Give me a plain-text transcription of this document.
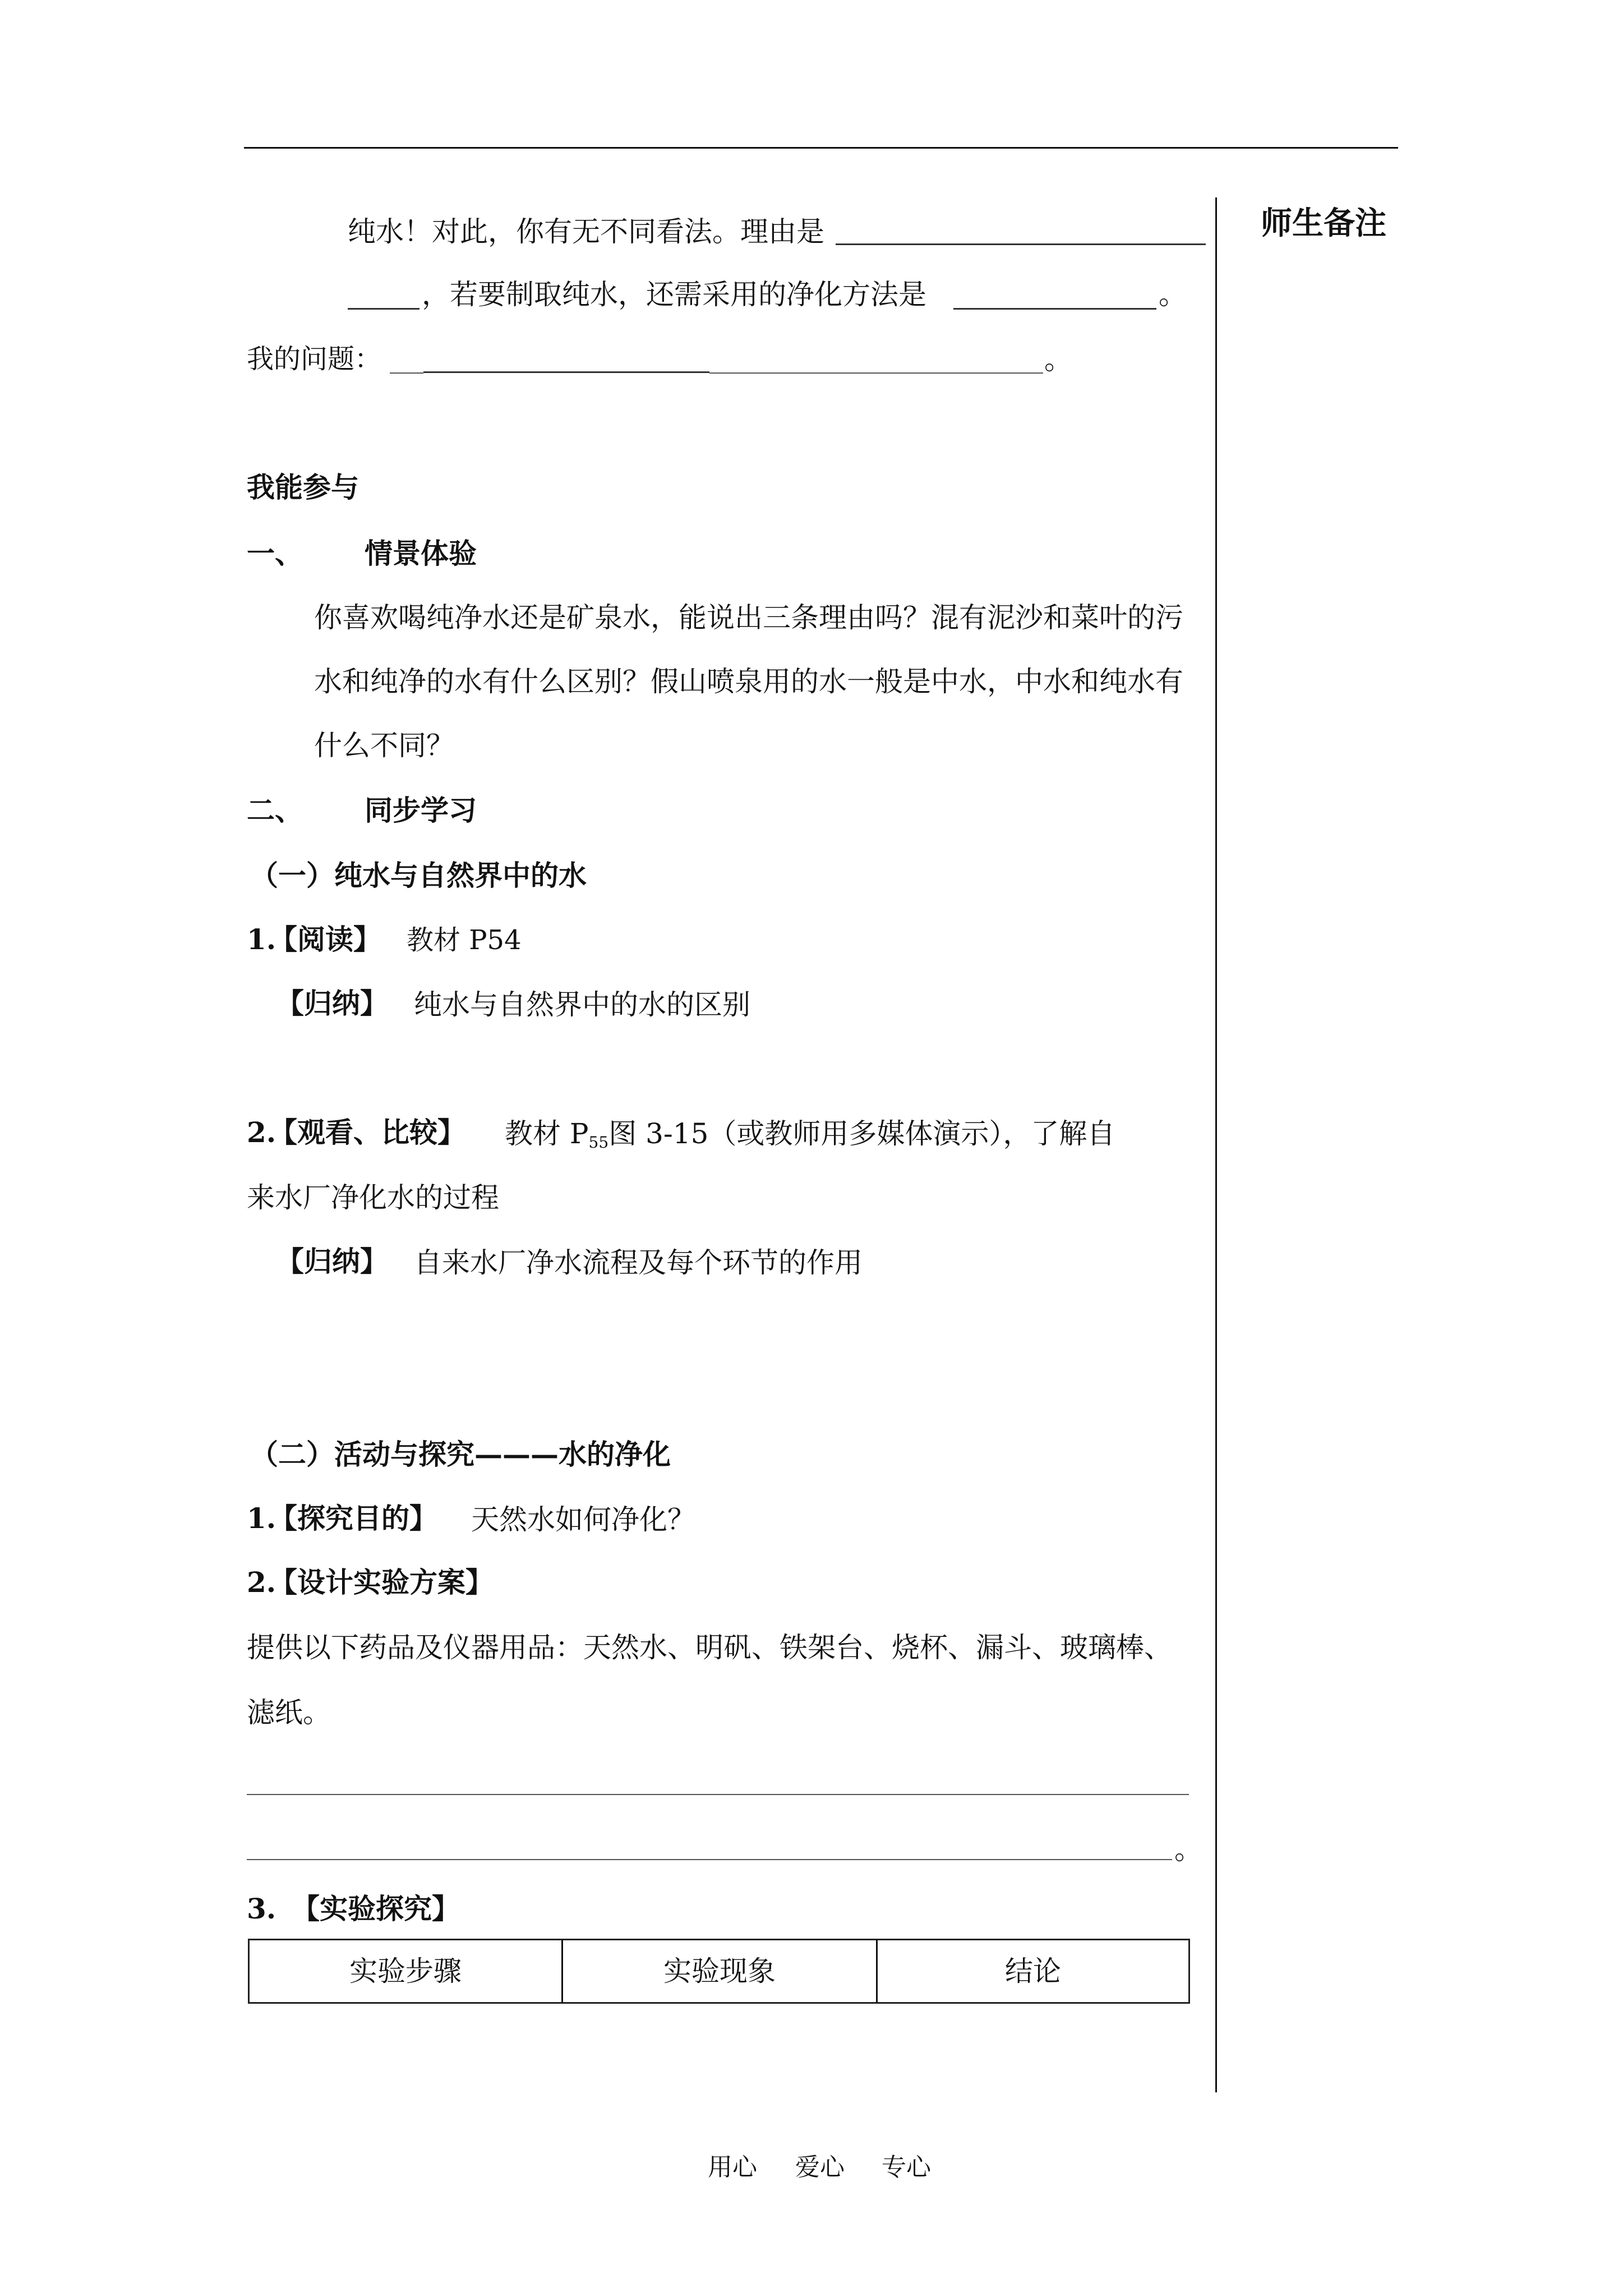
师生备注
纯水！对此，你有无不同看法。理由是
，若要制取纯水，还需采用的净化方法是	。
我的问题：	。
我能参与
一、 情景体验
你喜欢喝纯净水还是矿泉水，能说出三条理由吗？混有泥沙和菜叶的污
水和纯净的水有什么区别？假山喷泉用的水一般是中水，中水和纯水有
什么不同？
二、 同步学习
（一）纯水与自然界中的水
1.
【阅读】 教材 P54
【归纳】 纯水与自然界中的水的区别
2.
【观看、比较】 教材 $P_{55}$图 3-15（或教师用多媒体演示），了解自
来水厂净化水的过程
【归纳】 自来水厂净水流程及每个环节的作用
（二）活动与探究———水的净化
1.
【探究目的】 天然水如何净化？
2.
【设计实验方案】
提供以下药品及仪器用品：天然水、明矾、铁架台、烧杯、漏斗、玻璃棒、
滤纸。
。
3. 【实验探究】
实验步骤	实验现象	结论
用心 爱心 专心
